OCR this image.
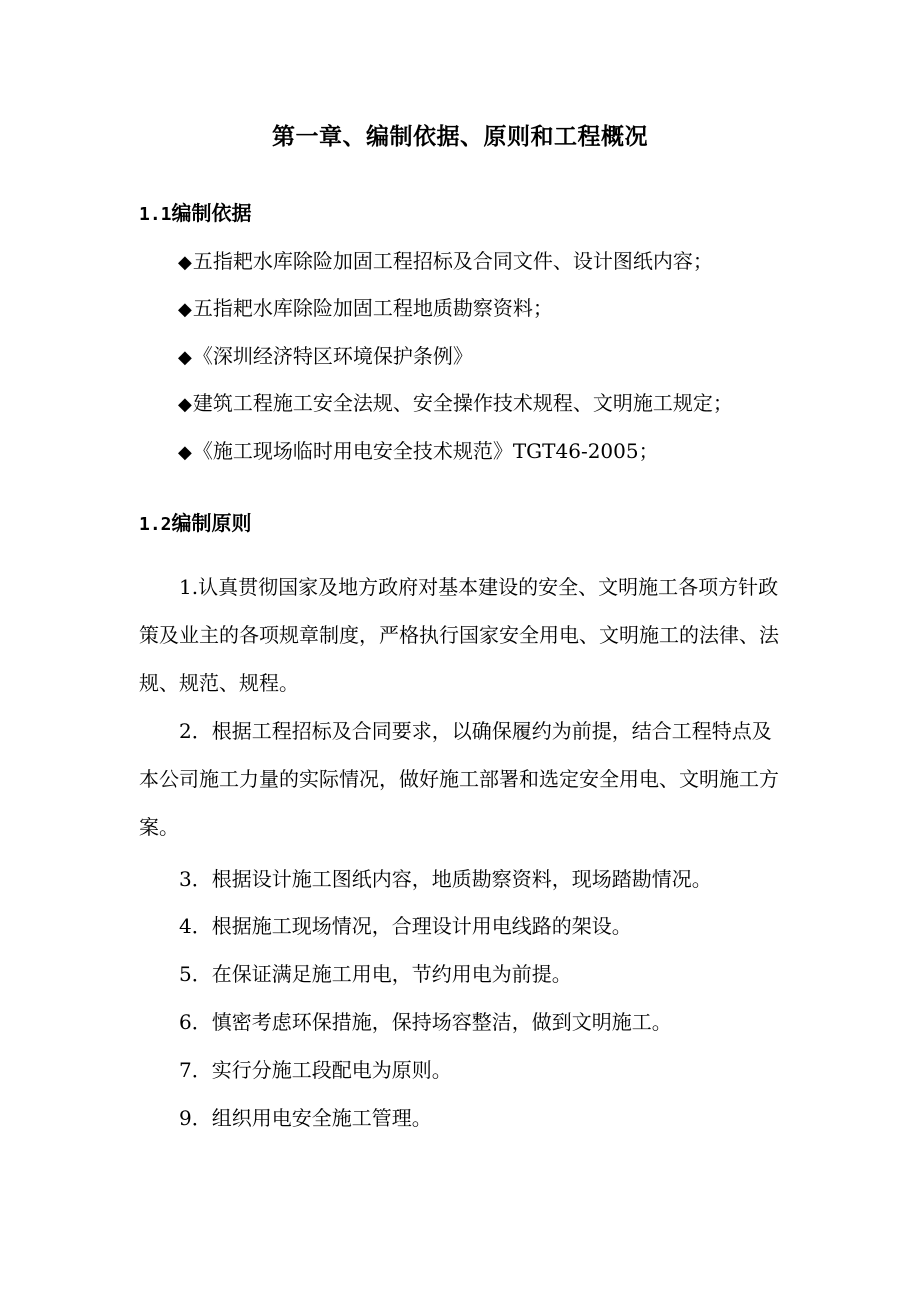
第一章、编制依据、原则和工程概况
1.1编制依据
◆五指耙水库除险加固工程招标及合同文件、设计图纸内容；
◆五指耙水库除险加固工程地质勘察资料；
◆《深圳经济特区环境保护条例》
◆建筑工程施工安全法规、安全操作技术规程、文明施工规定；
◆《施工现场临时用电安全技术规范》TGT46-2005；
1.2编制原则

1.认真贯彻国家及地方政府对基本建设的安全、文明施工各项方针政策及业主的各项规章制度，严格执行国家安全用电、文明施工的法律、法规、规范、规程。

2．根据工程招标及合同要求，以确保履约为前提，结合工程特点及本公司施工力量的实际情况，做好施工部署和选定安全用电、文明施工方案。

3．根据设计施工图纸内容，地质勘察资料，现场踏勘情况。
4．根据施工现场情况，合理设计用电线路的架设。
5．在保证满足施工用电，节约用电为前提。
6．慎密考虑环保措施，保持场容整洁，做到文明施工。
7．实行分施工段配电为原则。
9．组织用电安全施工管理。
